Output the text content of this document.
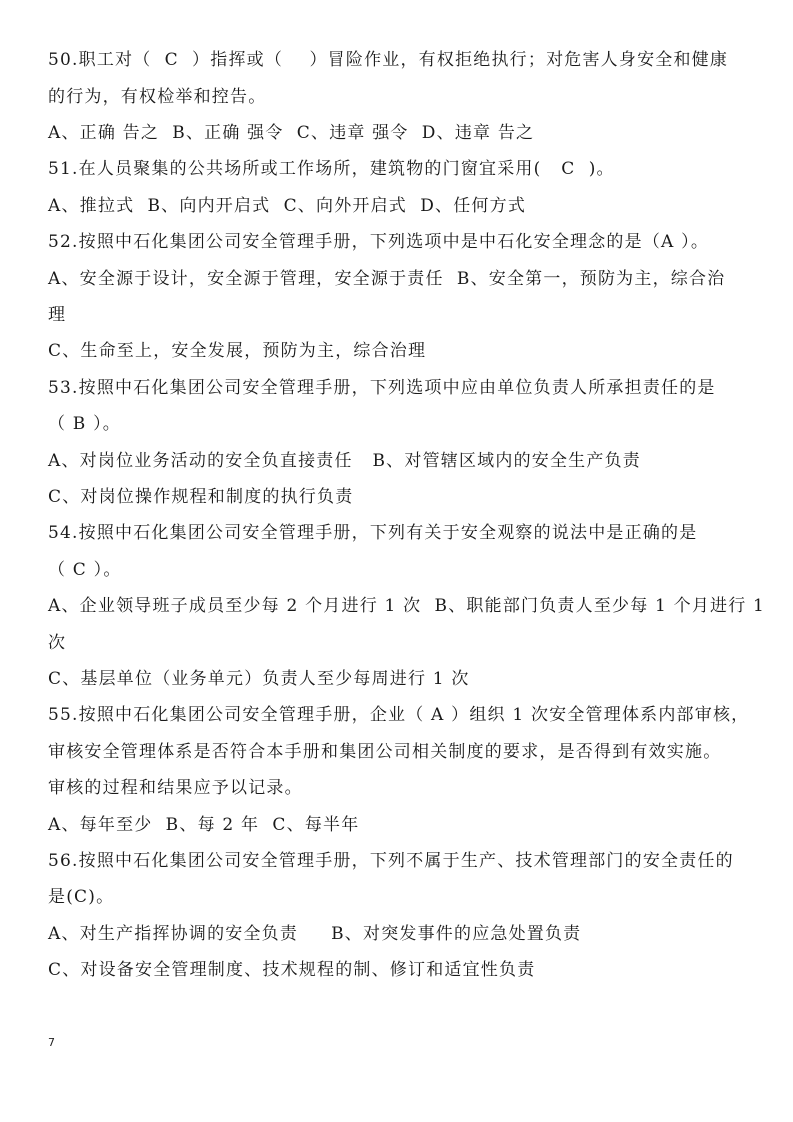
50.职工对（  C  ）指挥或（    ）冒险作业，有权拒绝执行；对危害人身安全和健康
的行为，有权检举和控告。
A、正确 告之  B、正确 强令  C、违章 强令  D、违章 告之
51.在人员聚集的公共场所或工作场所，建筑物的门窗宜采用(   C  )。
A、推拉式  B、向内开启式  C、向外开启式  D、任何方式
52.按照中石化集团公司安全管理手册，下列选项中是中石化安全理念的是（A ）。
A、安全源于设计，安全源于管理，安全源于责任  B、安全第一，预防为主，综合治
理
C、生命至上，安全发展，预防为主，综合治理
53.按照中石化集团公司安全管理手册，下列选项中应由单位负责人所承担责任的是
（ B ）。
A、对岗位业务活动的安全负直接责任   B、对管辖区域内的安全生产负责
C、对岗位操作规程和制度的执行负责
54.按照中石化集团公司安全管理手册，下列有关于安全观察的说法中是正确的是
（ C ）。
A、企业领导班子成员至少每 2 个月进行 1 次  B、职能部门负责人至少每 1 个月进行 1
次
C、基层单位（业务单元）负责人至少每周进行 1 次
55.按照中石化集团公司安全管理手册，企业（ A ）组织 1 次安全管理体系内部审核，
审核安全管理体系是否符合本手册和集团公司相关制度的要求，是否得到有效实施。
审核的过程和结果应予以记录。
A、每年至少  B、每 2 年  C、每半年
56.按照中石化集团公司安全管理手册，下列不属于生产、技术管理部门的安全责任的
是(C)。
A、对生产指挥协调的安全负责     B、对突发事件的应急处置负责
C、对设备安全管理制度、技术规程的制、修订和适宜性负责
7
